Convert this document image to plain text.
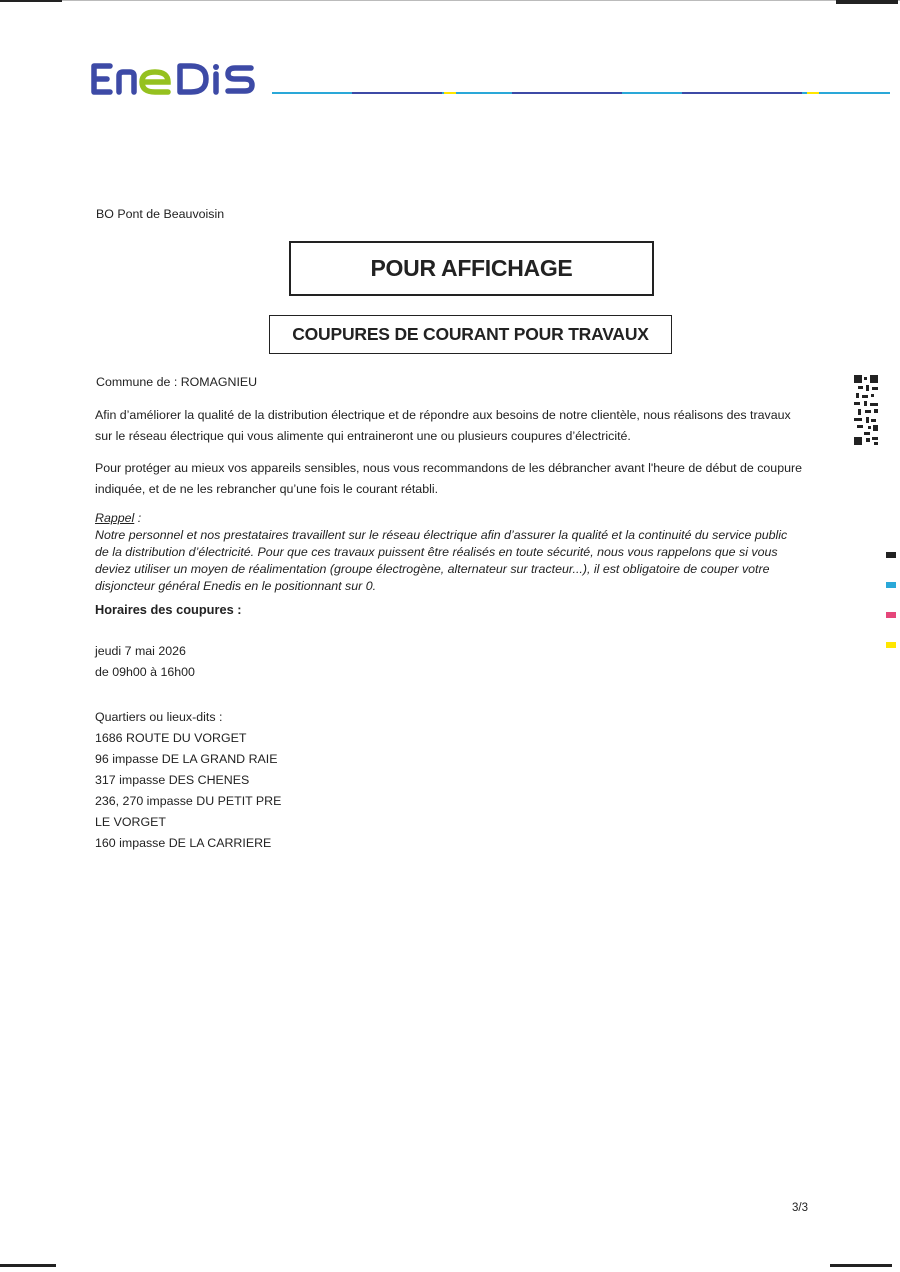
BO Pont de Beauvoisin
POUR AFFICHAGE
COUPURES DE COURANT POUR TRAVAUX
Commune de : ROMAGNIEU
Afin d’améliorer la qualité de la distribution électrique et de répondre aux besoins de notre clientèle, nous réalisons des travaux
sur le réseau électrique qui vous alimente qui entraineront une ou plusieurs coupures d’électricité.
Pour protéger au mieux vos appareils sensibles, nous vous recommandons de les débrancher avant l'heure de début de coupure
indiquée, et de ne les rebrancher qu’une fois le courant rétabli.
Rappel :
Notre personnel et nos prestataires travaillent sur le réseau électrique afin d’assurer la qualité et la continuité du service public
de la distribution d’électricité. Pour que ces travaux puissent être réalisés en toute sécurité, nous vous rappelons que si vous
deviez utiliser un moyen de réalimentation (groupe électrogène, alternateur sur tracteur...), il est obligatoire de couper votre
disjoncteur général Enedis en le positionnant sur 0.
Horaires des coupures :
jeudi 7 mai 2026
de 09h00 à 16h00
Quartiers ou lieux-dits :
1686 ROUTE DU VORGET
96 impasse DE LA GRAND RAIE
317 impasse DES CHENES
236, 270 impasse DU PETIT PRE
LE VORGET
160 impasse DE LA CARRIERE
3/3
